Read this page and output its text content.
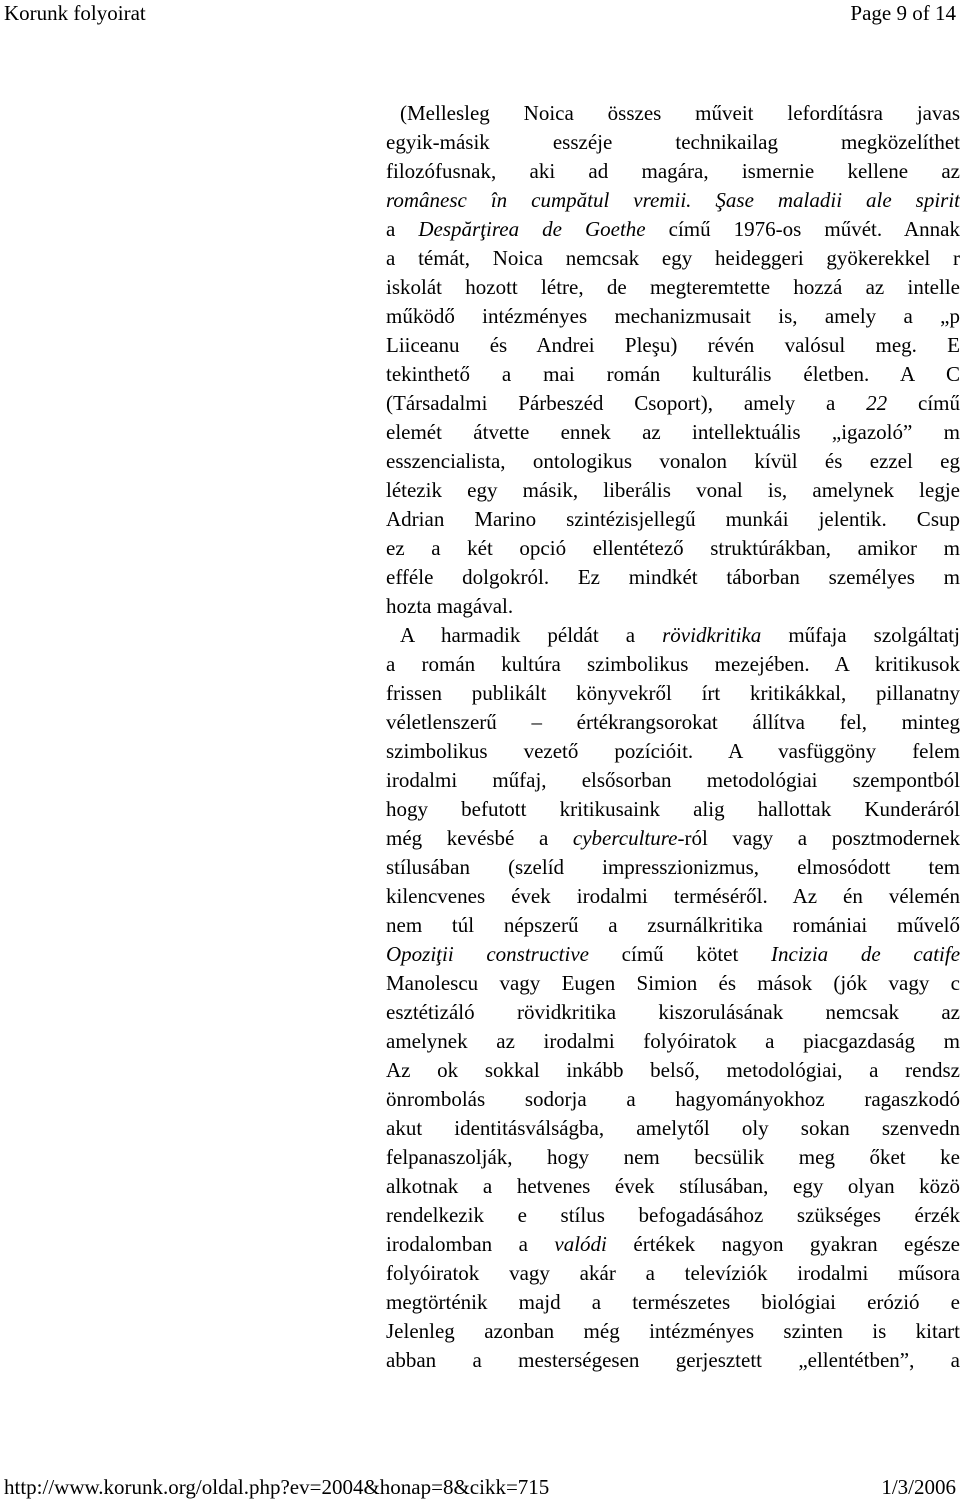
Korunk folyoirat	Page 9 of 14
(Mellesleg Noica összes műveit lefordításra javas
egyik-másik esszéje technikailag megközelíthet
filozófusnak, aki ad magára, ismernie kellene az
românesc în cumpătul vremii. Şase maladii ale spirit
a Despărţirea de Goethe című 1976-os művét. Annak
a témát, Noica nemcsak egy heideggeri gyökerekkel r
iskolát hozott létre, de megteremtette hozzá az intelle
működő intézményes mechanizmusait is, amely a „p
Liiceanu és Andrei Pleşu) révén valósul meg. E
tekinthető a mai román kulturális életben. A C
(Társadalmi Párbeszéd Csoport), amely a 22 című
elemét átvette ennek az intellektuális „igazoló” m
esszencialista, ontologikus vonalon kívül és ezzel eg
létezik egy másik, liberális vonal is, amelynek legje
Adrian Marino szintézisjellegű munkái jelentik. Csup
ez a két opció ellentétező struktúrákban, amikor m
efféle dolgokról. Ez mindkét táborban személyes m
hozta magával.
A harmadik példát a rövidkritika műfaja szolgáltatj
a román kultúra szimbolikus mezejében. A kritikusok
frissen publikált könyvekről írt kritikákkal, pillanatny
véletlenszerű – értékrangsorokat állítva fel, minteg
szimbolikus vezető pozícióit. A vasfüggöny felem
irodalmi műfaj, elsősorban metodológiai szempontból
hogy befutott kritikusaink alig hallottak Kunderáról
még kevésbé a cyberculture-ról vagy a posztmodernek
stílusában (szelíd impresszionizmus, elmosódott tem
kilencvenes évek irodalmi terméséről. Az én vélemén
nem túl népszerű a zsurnálkritika romániai művelő
Opoziţii constructive című kötet Incizia de catife
Manolescu vagy Eugen Simion és mások (jók vagy c
esztétizáló rövidkritika kiszorulásának nemcsak az
amelynek az irodalmi folyóiratok a piacgazdaság m
Az ok sokkal inkább belső, metodológiai, a rendsz
önrombolás sodorja a hagyományokhoz ragaszkodó
akut identitásválságba, amelytől oly sokan szenvedn
felpanaszolják, hogy nem becsülik meg őket ke
alkotnak a hetvenes évek stílusában, egy olyan közö
rendelkezik e stílus befogadásához szükséges érzék
irodalomban a valódi értékek nagyon gyakran egésze
folyóiratok vagy akár a televíziók irodalmi műsora
megtörténik majd a természetes biológiai erózió e
Jelenleg azonban még intézményes szinten is kitart
abban a mesterségesen gerjesztett „ellentétben”, a
http://www.korunk.org/oldal.php?ev=2004&honap=8&cikk=715	1/3/2006
